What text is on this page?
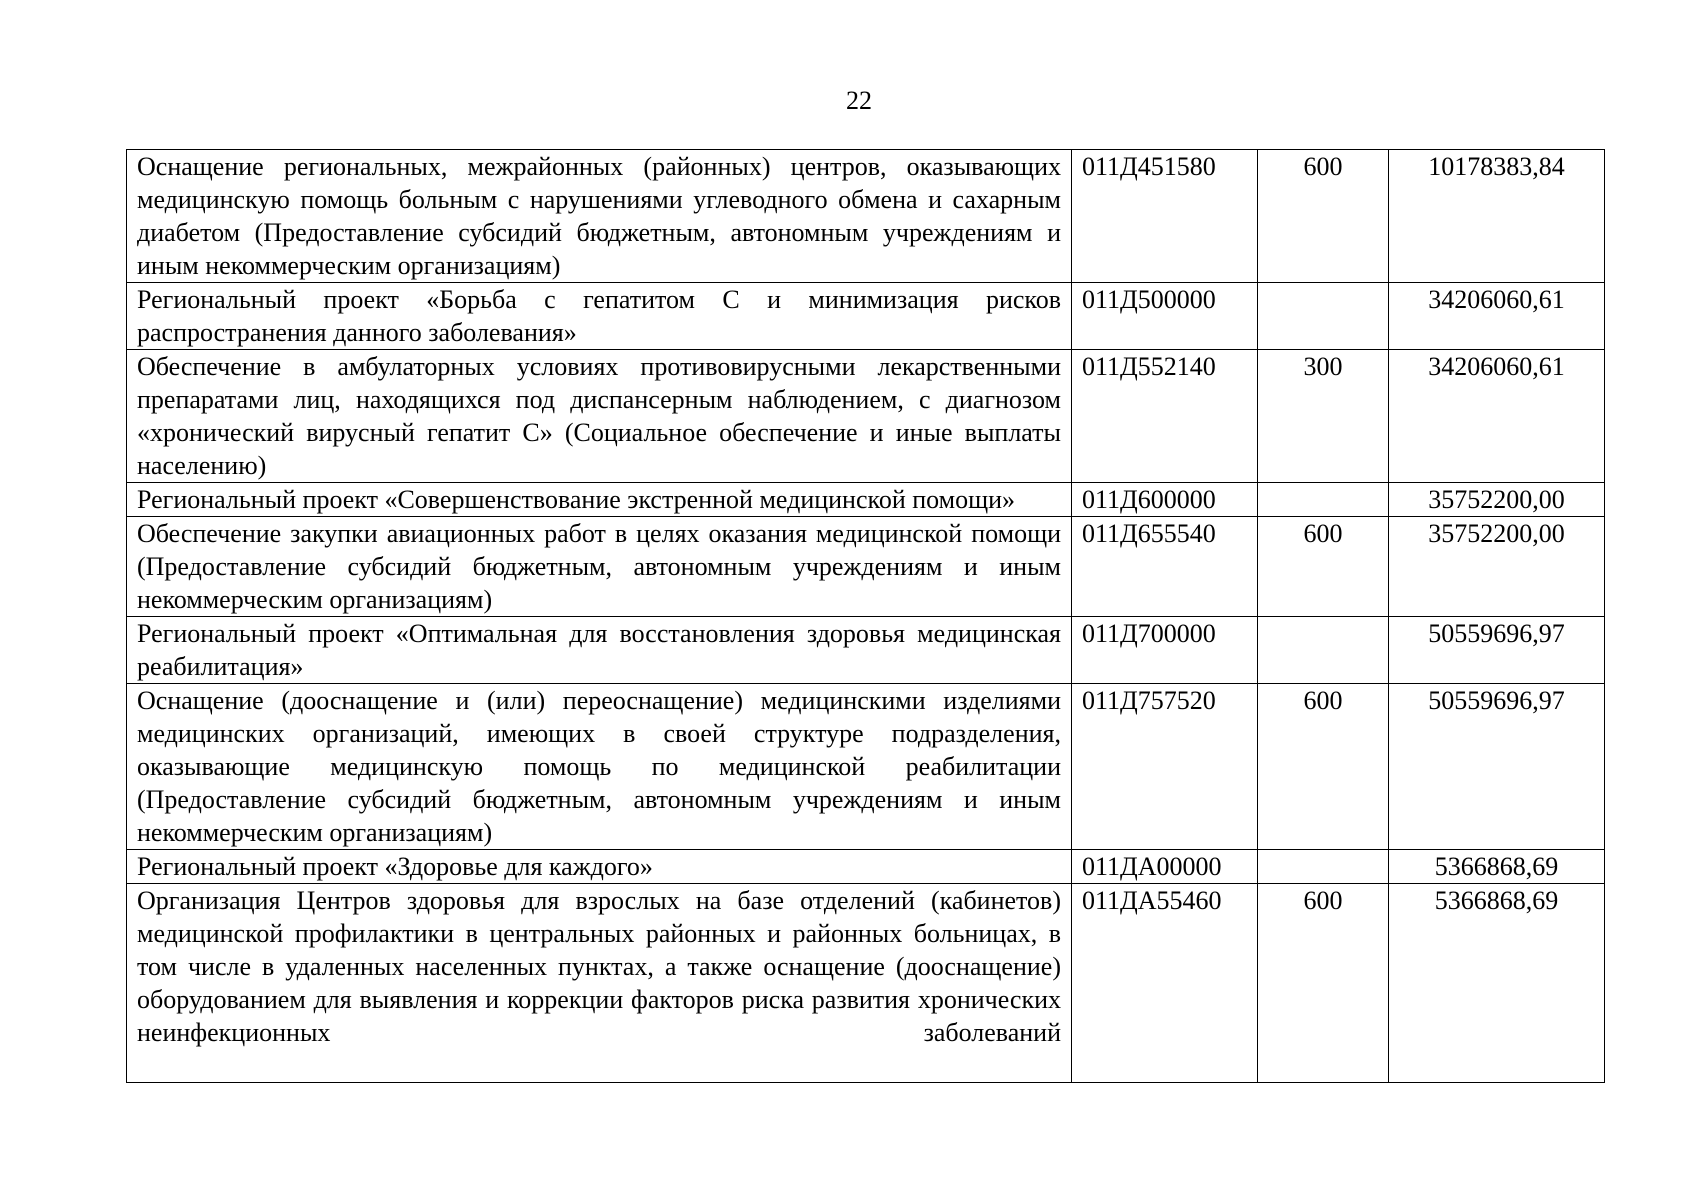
22
Оснащение региональных, межрайонных (районных) центров, оказывающих медицинскую помощь больным с нарушениями углеводного обмена и сахарным диабетом (Предоставление субсидий бюджетным, автономным учреждениям и иным некоммерческим организациям)	011Д451580	600	10178383,84
Региональный проект «Борьба с гепатитом С и минимизация рисков распространения данного заболевания»	011Д500000		34206060,61
Обеспечение в амбулаторных условиях противовирусными лекарственными препаратами лиц, находящихся под диспансерным наблюдением, с диагнозом «хронический вирусный гепатит С» (Социальное обеспечение и иные выплаты населению)	011Д552140	300	34206060,61
Региональный проект «Совершенствование экстренной медицинской помощи»	011Д600000		35752200,00
Обеспечение закупки авиационных работ в целях оказания медицинской помощи (Предоставление субсидий бюджетным, автономным учреждениям и иным некоммерческим организациям)	011Д655540	600	35752200,00
Региональный проект «Оптимальная для восстановления здоровья медицинская реабилитация»	011Д700000		50559696,97
Оснащение (дооснащение и (или) переоснащение) медицинскими изделиями медицинских организаций, имеющих в своей структуре подразделения, оказывающие медицинскую помощь по медицинской реабилитации (Предоставление субсидий бюджетным, автономным учреждениям и иным некоммерческим организациям)	011Д757520	600	50559696,97
Региональный проект «Здоровье для каждого»	011ДА00000		5366868,69

Организация Центров здоровья для взрослых на базе отделений (кабинетов) медицинской профилактики в центральных районных и районных больницах, в том числе в удаленных населенных пунктах, а также оснащение (дооснащение) оборудованием для выявления и коррекции факторов риска развития хронических неинфекционных заболеваний	011ДА55460	600	5366868,69
